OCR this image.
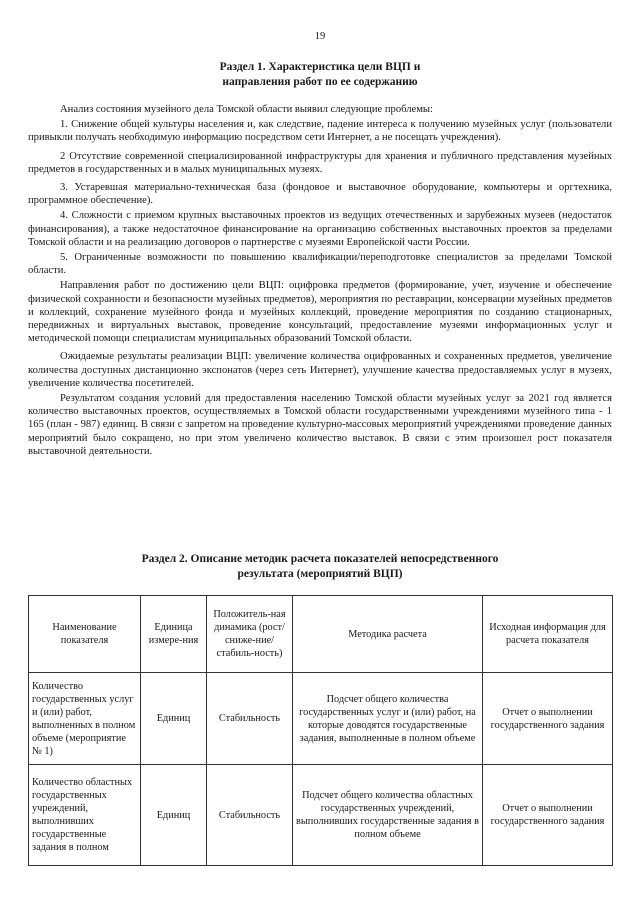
19
Раздел 1. Характеристика цели ВЦП и
направления работ по ее содержанию

Анализ состояния музейного дела Томской области выявил следующие проблемы:

1. Снижение общей культуры населения и, как следствие, падение интереса к получению музейных услуг (пользователи привыкли получать необходимую информацию посредством сети Интернет, а не посещать учреждения).

2 Отсутствие современной специализированной инфраструктуры для хранения и публичного представления музейных предметов в государственных и в малых муниципальных музеях.

3. Устаревшая материально-техническая база (фондовое и выставочное оборудование, компьютеры и оргтехника, программное обеспечение).

4. Сложности с приемом крупных выставочных проектов из ведущих отечественных и зарубежных музеев (недостаток финансирования), а также недостаточное финансирование на организацию собственных выставочных проектов за пределами Томской области и на реализацию договоров о партнерстве с музеями Европейской части России.

5. Ограниченные возможности по повышению квалификации/переподготовке специалистов за пределами Томской области.

Направления работ по достижению цели ВЦП: оцифровка предметов (формирование, учет, изучение и обеспечение физической сохранности и безопасности музейных предметов), мероприятия по реставрации, консервации музейных предметов и коллекций, сохранение музейного фонда и музейных коллекций, проведение мероприятия по созданию стационарных, передвижных и виртуальных выставок, проведение консультаций, предоставление музеями информационных услуг и методической помощи специалистам муниципальных образований Томской области.

Ожидаемые результаты реализации ВЦП: увеличение количества оцифрованных и сохраненных предметов, увеличение количества доступных дистанционно экспонатов (через сеть Интернет), улучшение качества предоставляемых услуг в музеях, увеличение количества посетителей.

Результатом создания условий для предоставления населению Томской области музейных услуг за 2021 год является количество выставочных проектов, осуществляемых в Томской области государственными учреждениями музейного типа - 1 165 (план - 987) единиц. В связи с запретом на проведение культурно-массовых мероприятий учреждениями проведение данных мероприятий было сокращено, но при этом увеличено количество выставок. В связи с этим произошел рост показателя выставочной деятельности.

Раздел 2. Описание методик расчета показателей непосредственного
результата (мероприятий ВЦП)
Наименование показателя	Единица измере-ния	Положитель-ная динамика (рост/сниже-ние/стабиль-ность)	Методика расчета	Исходная информация для расчета показателя
Количество государственных услуг и (или) работ, выполненных в полном объеме (мероприятие № 1)	Единиц	Стабильность	Подсчет общего количества государственных услуг и (или) работ, на которые доводятся государственные задания, выполненные в полном объеме	Отчет о выполнении государственного задания
Количество областных государственных учреждений, выполнивших государственные задания в полном	Единиц	Стабильность	Подсчет общего количества областных государственных учреждений, выполнивших государственные задания в полном объеме	Отчет о выполнении государственного задания
